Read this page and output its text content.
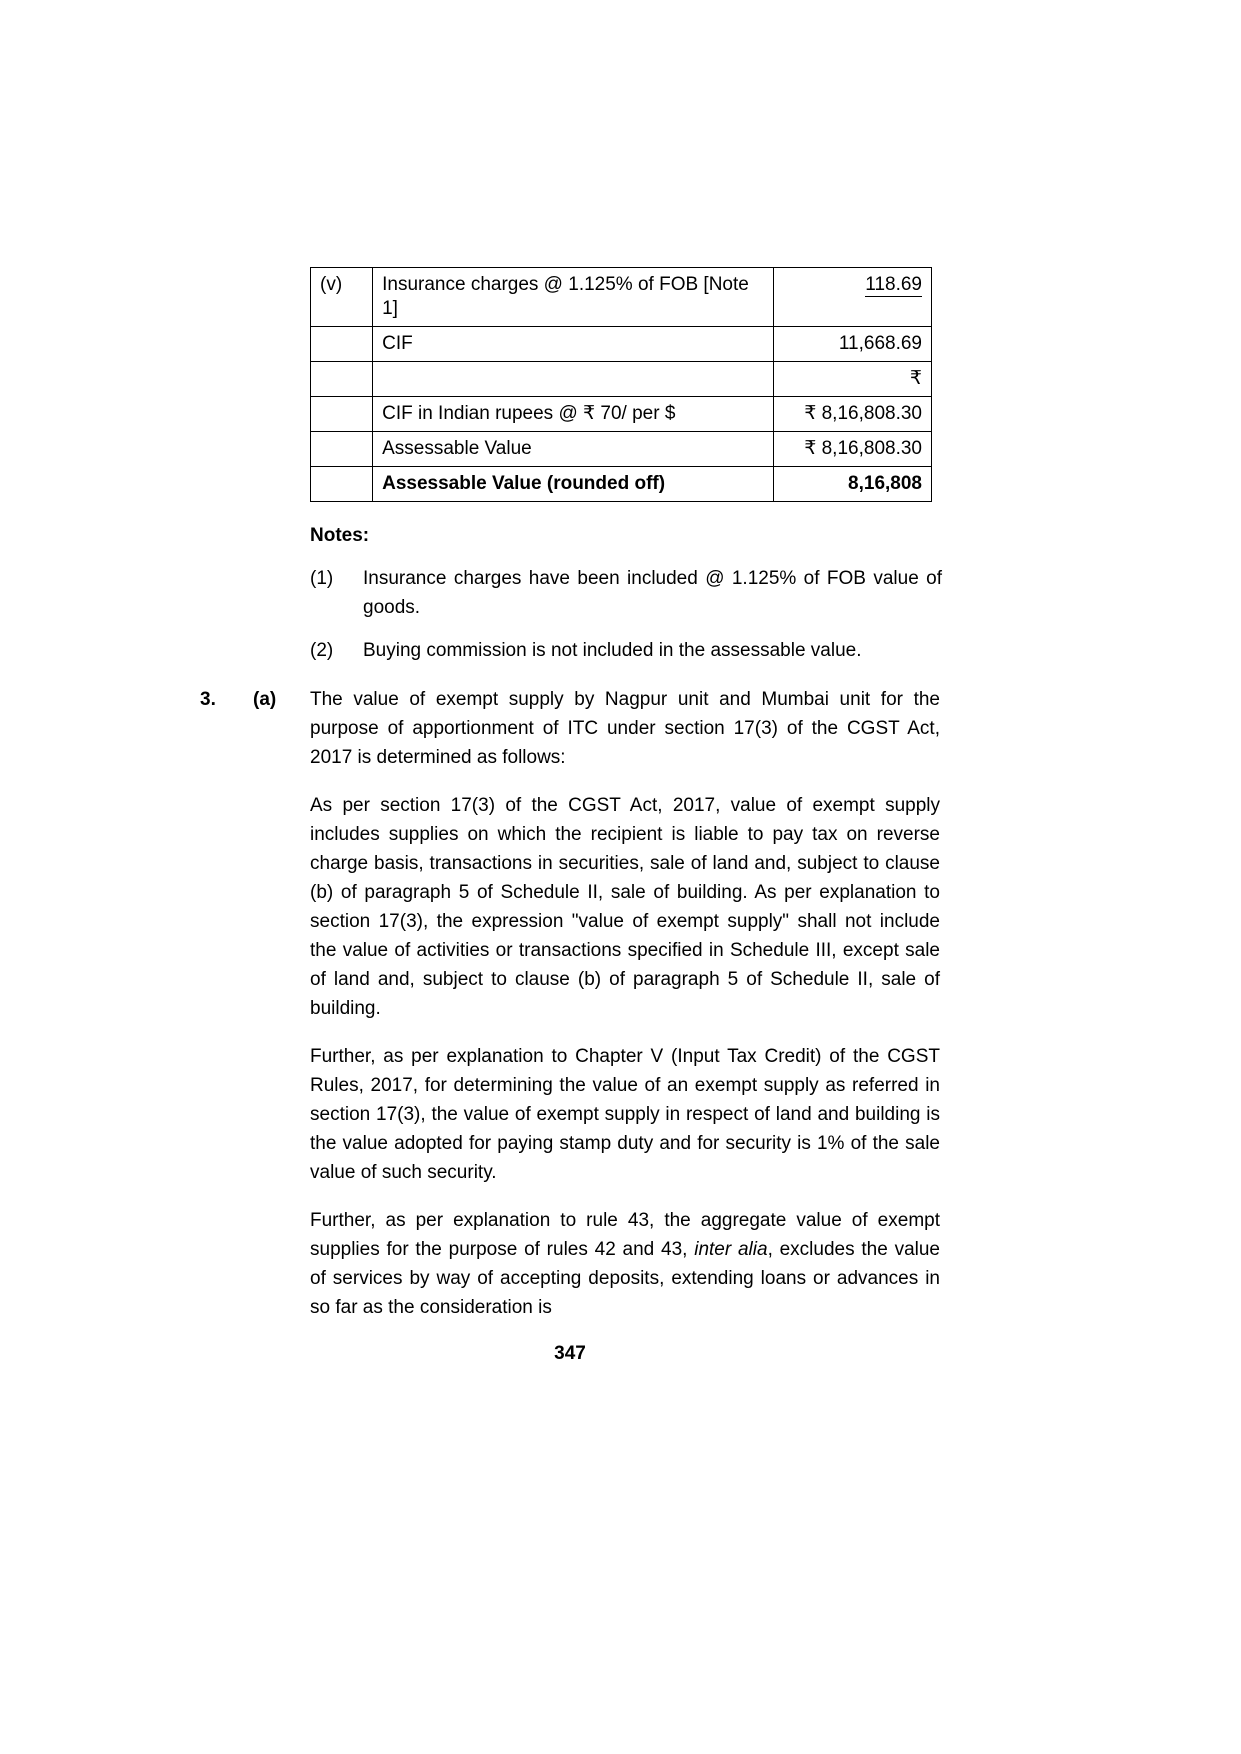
(v)	Insurance charges @ 1.125% of FOB [Note 1]	118.69
	CIF	11,668.69
		₹
	CIF in Indian rupees @ ₹ 70/ per $	₹ 8,16,808.30
	Assessable Value	₹ 8,16,808.30
	Assessable Value (rounded off)	8,16,808
Notes:
(1)	Insurance charges have been included @ 1.125% of FOB value of goods.
(2)	Buying commission is not included in the assessable value.
3.	(a)	The value of exempt supply by Nagpur unit and Mumbai unit for the purpose of apportionment of ITC under section 17(3) of the CGST Act, 2017 is determined as follows:

As per section 17(3) of the CGST Act, 2017, value of exempt supply includes supplies on which the recipient is liable to pay tax on reverse charge basis, transactions in securities, sale of land and, subject to clause (b) of paragraph 5 of Schedule II, sale of building. As per explanation to section 17(3), the expression "value of exempt supply" shall not include the value of activities or transactions specified in Schedule III, except sale of land and, subject to clause (b) of paragraph 5 of Schedule II, sale of building.

Further, as per explanation to Chapter V (Input Tax Credit) of the CGST Rules, 2017, for determining the value of an exempt supply as referred in section 17(3), the value of exempt supply in respect of land and building is the value adopted for paying stamp duty and for security is 1% of the sale value of such security.

Further, as per explanation to rule 43, the aggregate value of exempt supplies for the purpose of rules 42 and 43, inter alia, excludes the value of services by way of accepting deposits, extending loans or advances in so far as the consideration is

347
